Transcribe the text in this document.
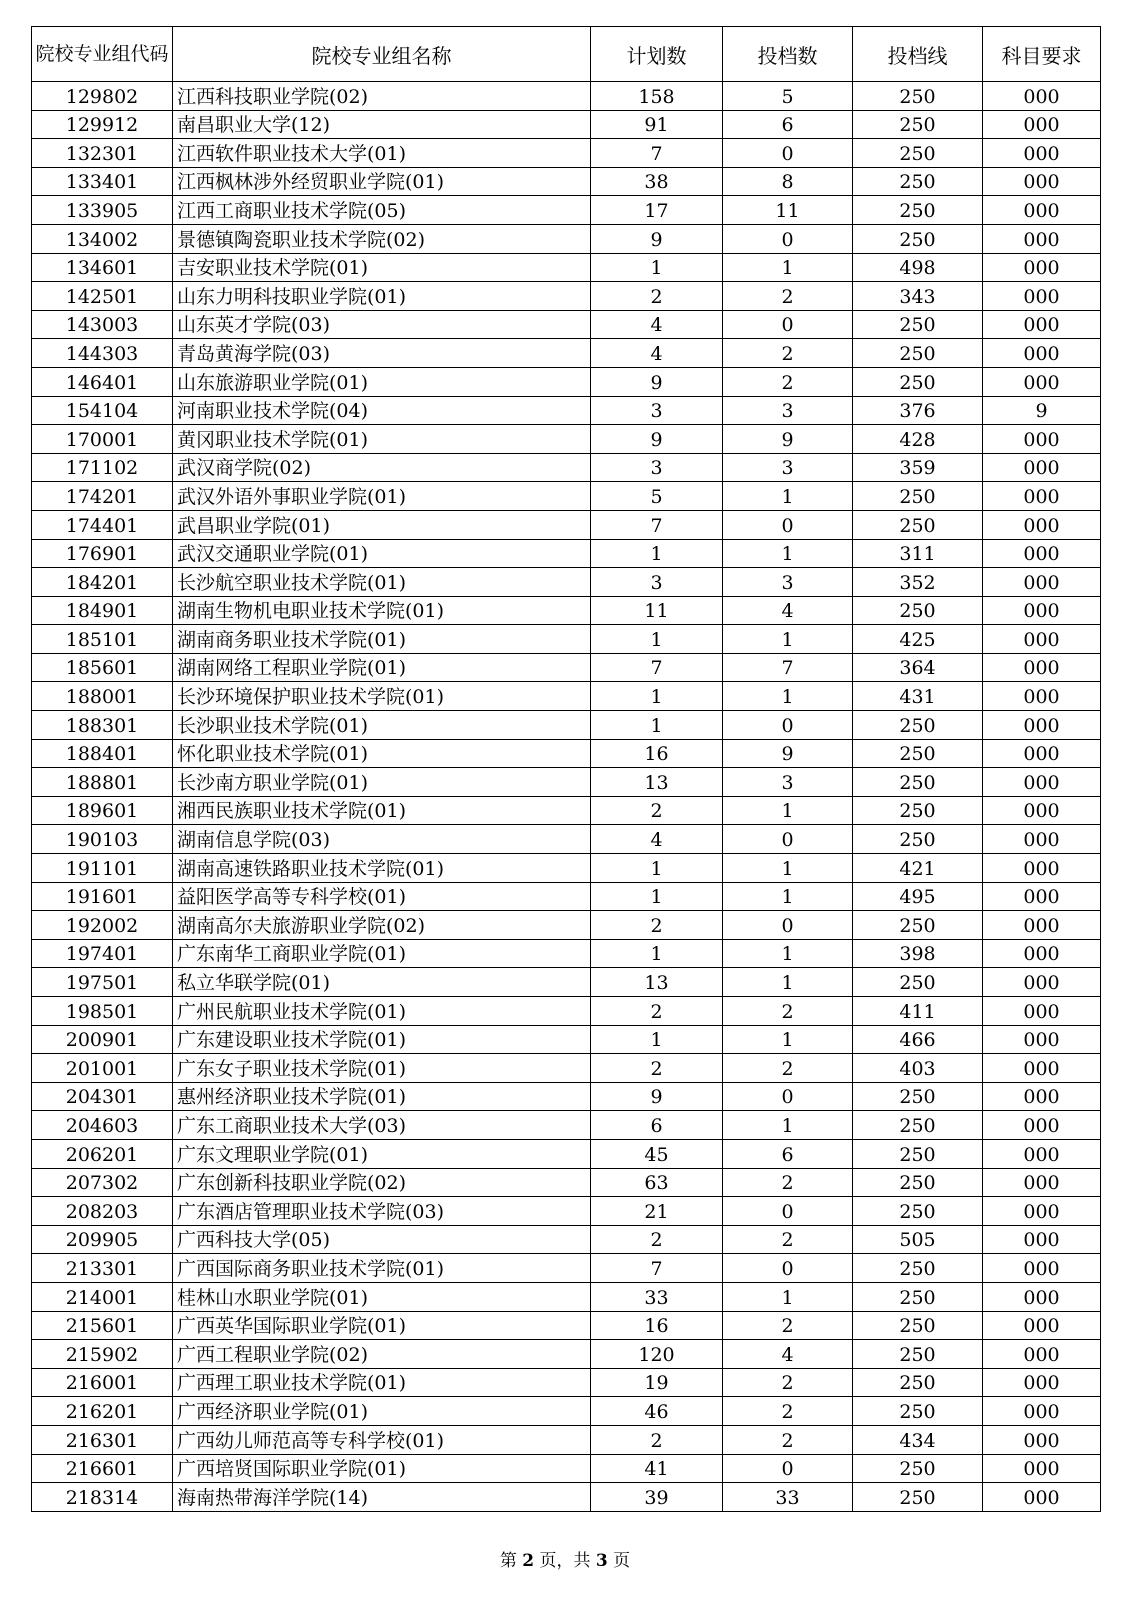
院校专业组代码	院校专业组名称	计划数	投档数	投档线	科目要求
129802	江西科技职业学院(02)	158	5	250	000
129912	南昌职业大学(12)	91	6	250	000
132301	江西软件职业技术大学(01)	7	0	250	000
133401	江西枫林涉外经贸职业学院(01)	38	8	250	000
133905	江西工商职业技术学院(05)	17	11	250	000
134002	景德镇陶瓷职业技术学院(02)	9	0	250	000
134601	吉安职业技术学院(01)	1	1	498	000
142501	山东力明科技职业学院(01)	2	2	343	000
143003	山东英才学院(03)	4	0	250	000
144303	青岛黄海学院(03)	4	2	250	000
146401	山东旅游职业学院(01)	9	2	250	000
154104	河南职业技术学院(04)	3	3	376	9
170001	黄冈职业技术学院(01)	9	9	428	000
171102	武汉商学院(02)	3	3	359	000
174201	武汉外语外事职业学院(01)	5	1	250	000
174401	武昌职业学院(01)	7	0	250	000
176901	武汉交通职业学院(01)	1	1	311	000
184201	长沙航空职业技术学院(01)	3	3	352	000
184901	湖南生物机电职业技术学院(01)	11	4	250	000
185101	湖南商务职业技术学院(01)	1	1	425	000
185601	湖南网络工程职业学院(01)	7	7	364	000
188001	长沙环境保护职业技术学院(01)	1	1	431	000
188301	长沙职业技术学院(01)	1	0	250	000
188401	怀化职业技术学院(01)	16	9	250	000
188801	长沙南方职业学院(01)	13	3	250	000
189601	湘西民族职业技术学院(01)	2	1	250	000
190103	湖南信息学院(03)	4	0	250	000
191101	湖南高速铁路职业技术学院(01)	1	1	421	000
191601	益阳医学高等专科学校(01)	1	1	495	000
192002	湖南高尔夫旅游职业学院(02)	2	0	250	000
197401	广东南华工商职业学院(01)	1	1	398	000
197501	私立华联学院(01)	13	1	250	000
198501	广州民航职业技术学院(01)	2	2	411	000
200901	广东建设职业技术学院(01)	1	1	466	000
201001	广东女子职业技术学院(01)	2	2	403	000
204301	惠州经济职业技术学院(01)	9	0	250	000
204603	广东工商职业技术大学(03)	6	1	250	000
206201	广东文理职业学院(01)	45	6	250	000
207302	广东创新科技职业学院(02)	63	2	250	000
208203	广东酒店管理职业技术学院(03)	21	0	250	000
209905	广西科技大学(05)	2	2	505	000
213301	广西国际商务职业技术学院(01)	7	0	250	000
214001	桂林山水职业学院(01)	33	1	250	000
215601	广西英华国际职业学院(01)	16	2	250	000
215902	广西工程职业学院(02)	120	4	250	000
216001	广西理工职业技术学院(01)	19	2	250	000
216201	广西经济职业学院(01)	46	2	250	000
216301	广西幼儿师范高等专科学校(01)	2	2	434	000
216601	广西培贤国际职业学院(01)	41	0	250	000
218314	海南热带海洋学院(14)	39	33	250	000
第 2 页，共 3 页
